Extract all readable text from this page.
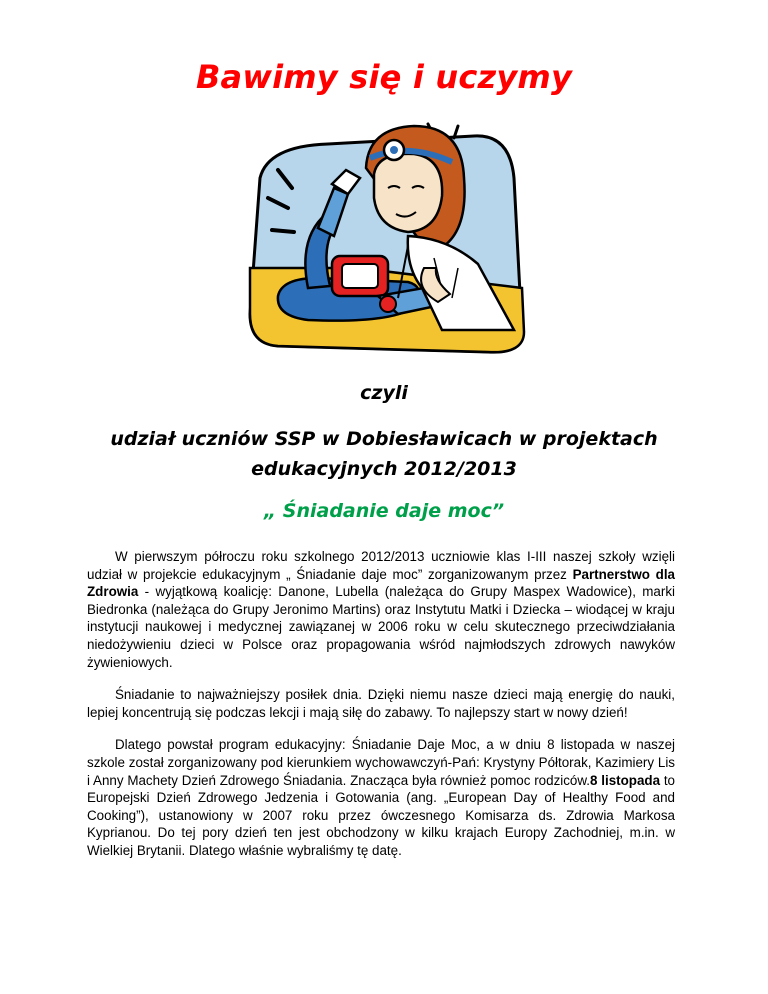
Bawimy się i uczymy
czyli
udział uczniów SSP w Dobiesławicach w projektach
edukacyjnych 2012/2013
„ Śniadanie daje moc”

W pierwszym półroczu roku szkolnego 2012/2013 uczniowie klas I-III naszej szkoły wzięli udział w projekcie edukacyjnym „ Śniadanie daje moc” zorganizowanym przez Partnerstwo dla Zdrowia - wyjątkową koalicję: Danone, Lubella (należąca do Grupy Maspex Wadowice), marki Biedronka (należąca do Grupy Jeronimo Martins) oraz Instytutu Matki i Dziecka – wiodącej w kraju instytucji naukowej i medycznej zawiązanej w 2006 roku w celu skutecznego przeciwdziałania niedożywieniu dzieci w Polsce oraz propagowania wśród najmłodszych zdrowych nawyków żywieniowych.

Śniadanie to najważniejszy posiłek dnia. Dzięki niemu nasze dzieci mają energię do nauki, lepiej koncentrują się podczas lekcji i mają siłę do zabawy. To najlepszy start w nowy dzień!

Dlatego powstał program edukacyjny: Śniadanie Daje Moc, a w dniu 8 listopada w naszej szkole został zorganizowany pod kierunkiem wychowawczyń-Pań: Krystyny Półtorak, Kazimiery Lis i Anny Machety Dzień Zdrowego Śniadania. Znacząca była również pomoc rodziców.8 listopada to Europejski Dzień Zdrowego Jedzenia i Gotowania (ang. „European Day of Healthy Food and Cooking”), ustanowiony w 2007 roku przez ówczesnego Komisarza ds. Zdrowia Markosa Kyprianou. Do tej pory dzień ten jest obchodzony w kilku krajach Europy Zachodniej, m.in. w Wielkiej Brytanii. Dlatego właśnie wybraliśmy tę datę.
